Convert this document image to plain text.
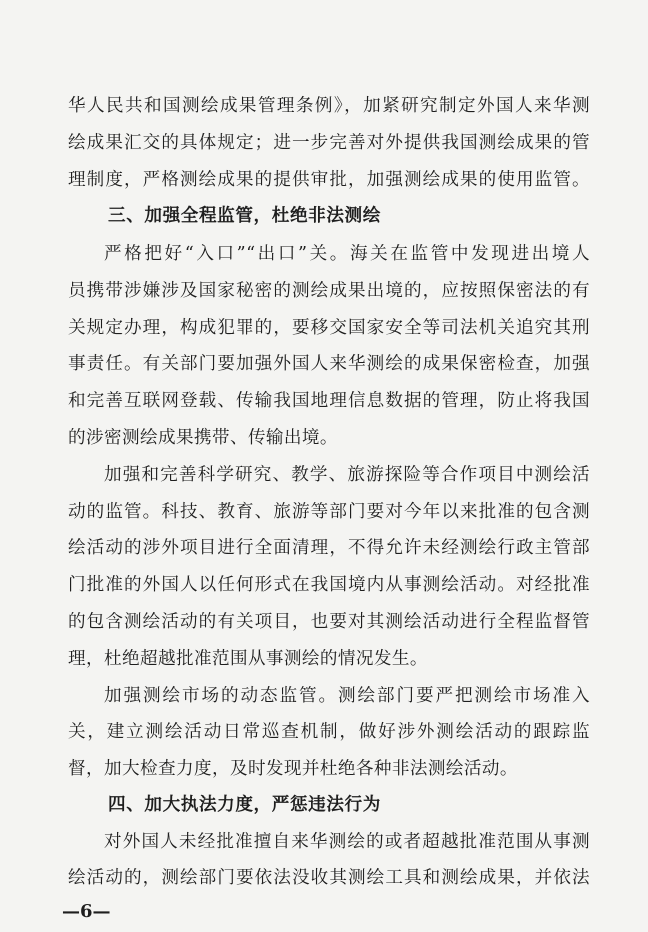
华人民共和国测绘成果管理条例》，加紧研究制定外国人来华测

绘成果汇交的具体规定；进一步完善对外提供我国测绘成果的管

理制度，严格测绘成果的提供审批，加强测绘成果的使用监管。

三、加强全程监管，杜绝非法测绘

严格把好“入口”“出口”关。海关在监管中发现进出境人

员携带涉嫌涉及国家秘密的测绘成果出境的，应按照保密法的有

关规定办理，构成犯罪的，要移交国家安全等司法机关追究其刑

事责任。有关部门要加强外国人来华测绘的成果保密检查，加强

和完善互联网登载、传输我国地理信息数据的管理，防止将我国

的涉密测绘成果携带、传输出境。

加强和完善科学研究、教学、旅游探险等合作项目中测绘活

动的监管。科技、教育、旅游等部门要对今年以来批准的包含测

绘活动的涉外项目进行全面清理，不得允许未经测绘行政主管部

门批准的外国人以任何形式在我国境内从事测绘活动。对经批准

的包含测绘活动的有关项目，也要对其测绘活动进行全程监督管

理，杜绝超越批准范围从事测绘的情况发生。

加强测绘市场的动态监管。测绘部门要严把测绘市场准入

关，建立测绘活动日常巡查机制，做好涉外测绘活动的跟踪监

督，加大检查力度，及时发现并杜绝各种非法测绘活动。

四、加大执法力度，严惩违法行为

对外国人未经批准擅自来华测绘的或者超越批准范围从事测

绘活动的，测绘部门要依法没收其测绘工具和测绘成果，并依法

—6—
